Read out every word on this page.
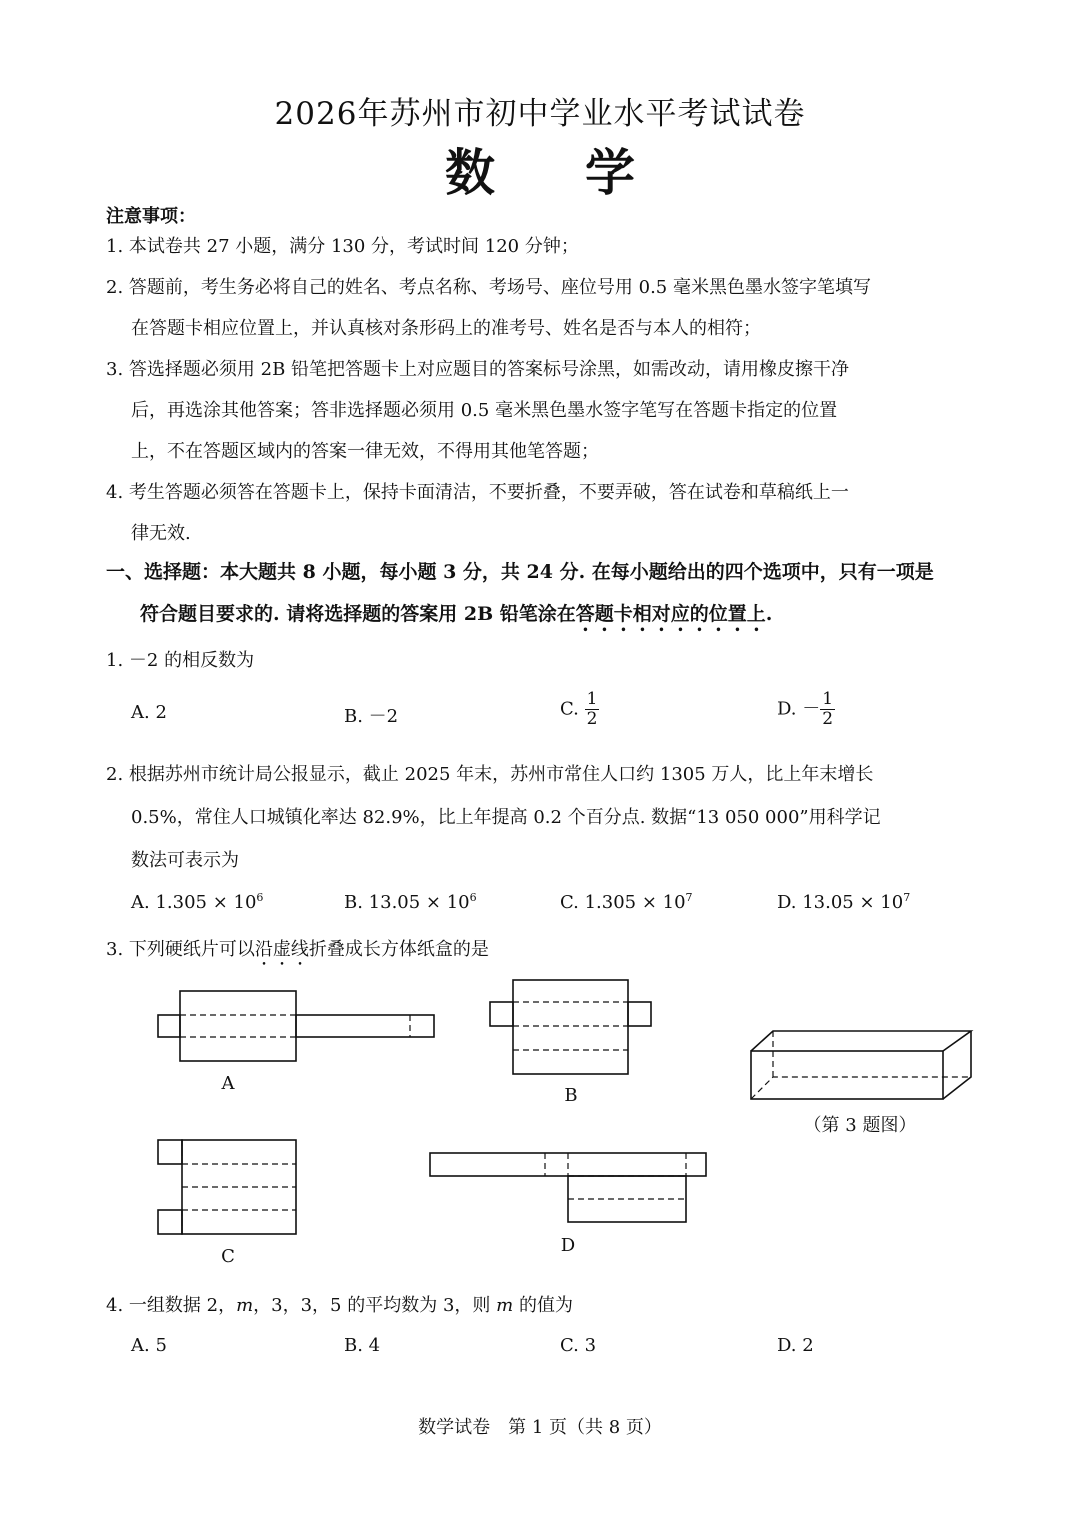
2026年苏州市初中学业水平考试试卷
数学
注意事项：
1. 本试卷共 27 小题，满分 130 分，考试时间 120 分钟；
2. 答题前，考生务必将自己的姓名、考点名称、考场号、座位号用 0.5 毫米黑色墨水签字笔填写
在答题卡相应位置上，并认真核对条形码上的准考号、姓名是否与本人的相符；
3. 答选择题必须用 2B 铅笔把答题卡上对应题目的答案标号涂黑，如需改动，请用橡皮擦干净
后，再选涂其他答案；答非选择题必须用 0.5 毫米黑色墨水签字笔写在答题卡指定的位置
上，不在答题区域内的答案一律无效，不得用其他笔答题；
4. 考生答题必须答在答题卡上，保持卡面清洁，不要折叠，不要弄破，答在试卷和草稿纸上一
律无效.
一、选择题：本大题共 8 小题，每小题 3 分，共 24 分. 在每小题给出的四个选项中，只有一项是
符合题目要求的. 请将选择题的答案用 2B 铅笔涂在答题卡相对应的位置上.
1. －2 的相反数为
A. 2	B. －2	C. $\frac{1}{2}$	D. － $\frac{1}{2}$
2. 根据苏州市统计局公报显示，截止 2025 年末，苏州市常住人口约 1305 万人，比上年末增长
0.5%，常住人口城镇化率达 82.9%，比上年提高 0.2 个百分点. 数据“13 050 000”用科学记
数法可表示为
A. $1.305 \times 10^6$	B. $13.05 \times 10^6$	C. $1.305 \times 10^7$	D. $13.05 \times 10^7$
3. 下列硬纸片可以沿虚线折叠成长方体纸盒的是
A
B
（第 3 题图）
C
D
4. 一组数据 2，m，3，3，5 的平均数为 3，则 m 的值为
A. 5	B. 4	C. 3	D. 2
数学试卷　第 1 页（共 8 页）
